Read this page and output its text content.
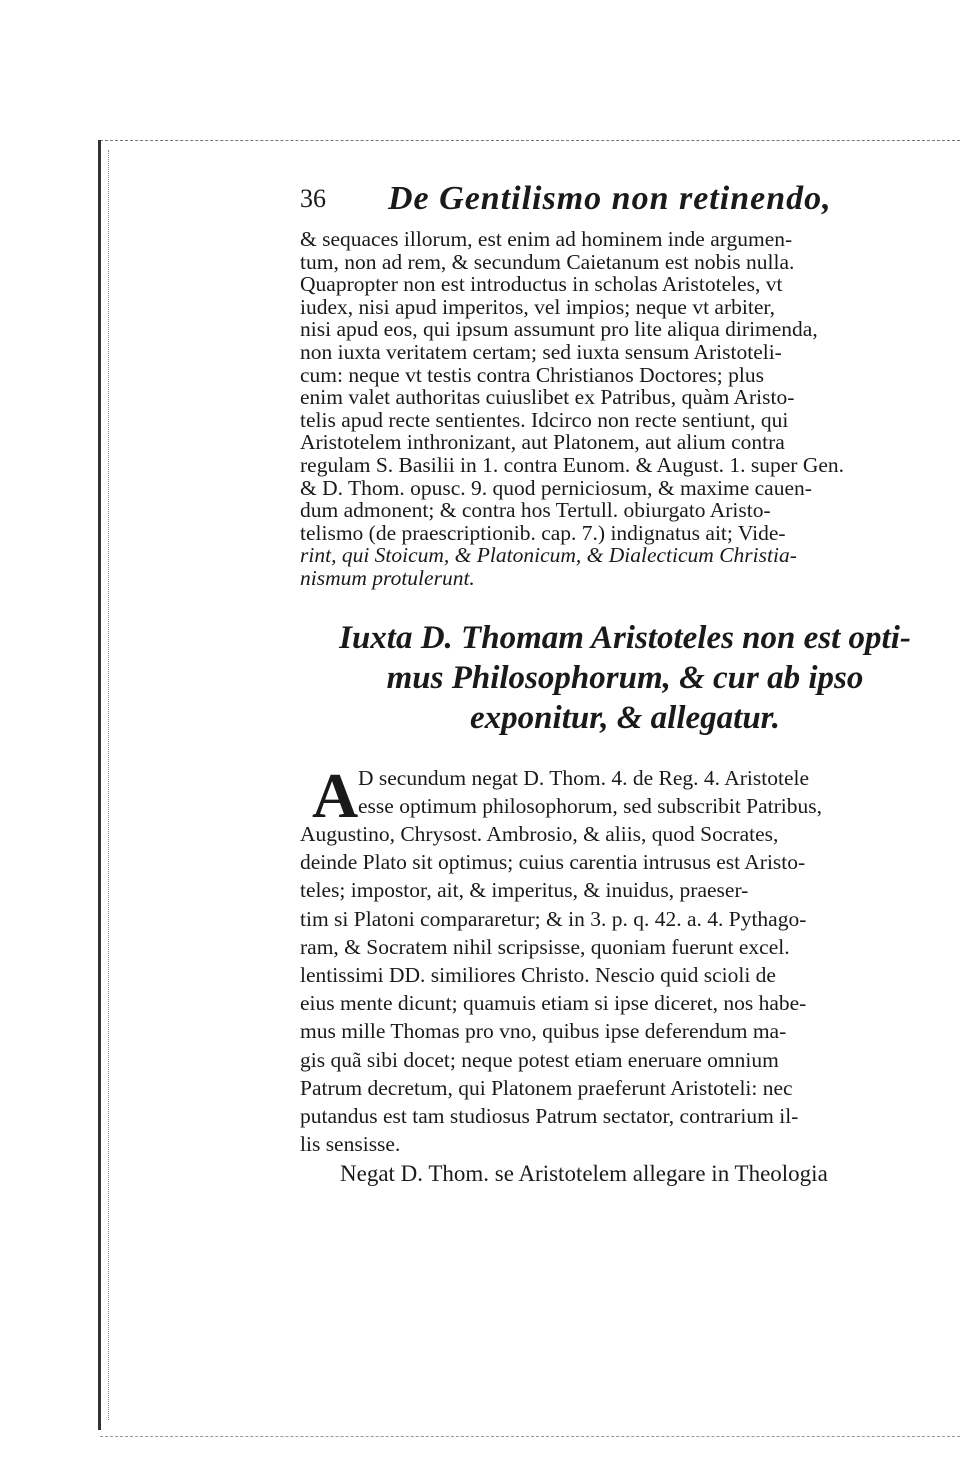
36 De Gentilismo non retinendo,

& sequaces illorum, est enim ad hominem inde argumen-

tum, non ad rem, & secundum Caietanum est nobis nulla.

Quapropter non est introductus in scholas Aristoteles, vt

iudex, nisi apud imperitos, vel impios; neque vt arbiter,

nisi apud eos, qui ipsum assumunt pro lite aliqua dirimenda,

non iuxta veritatem certam; sed iuxta sensum Aristoteli-

cum: neque vt testis contra Christianos Doctores; plus

enim valet authoritas cuiuslibet ex Patribus, quàm Aristo-

telis apud recte sentientes. Idcirco non recte sentiunt, qui

Aristotelem inthronizant, aut Platonem, aut alium contra

regulam S. Basilii in 1. contra Eunom. & August. 1. super Gen.

& D. Thom. opusc. 9. quod perniciosum, & maxime cauen-

dum admonent; & contra hos Tertull. obiurgato Aristo-

telismo (de praescriptionib. cap. 7.) indignatus ait; Vide-

rint, qui Stoicum, & Platonicum, & Dialecticum Christia-

nismum protulerunt.

Iuxta D. Thomam Aristoteles non est opti-

mus Philosophorum, & cur ab ipso

exponitur, & allegatur.

A D secundum negat D. Thom. 4. de Reg. 4. Aristotele

esse optimum philosophorum, sed subscribit Patribus,

Augustino, Chrysost. Ambrosio, & aliis, quod Socrates,

deinde Plato sit optimus; cuius carentia intrusus est Aristo-

teles; impostor, ait, & imperitus, & inuidus, praeser-

tim si Platoni compararetur; & in 3. p. q. 42. a. 4. Pythago-

ram, & Socratem nihil scripsisse, quoniam fuerunt excel.

lentissimi DD. similiores Christo. Nescio quid scioli de

eius mente dicunt; quamuis etiam si ipse diceret, nos habe-

mus mille Thomas pro vno, quibus ipse deferendum ma-

gis quã sibi docet; neque potest etiam eneruare omnium

Patrum decretum, qui Platonem praeferunt Aristoteli: nec

putandus est tam studiosus Patrum sectator, contrarium il-

lis sensisse.

Negat D. Thom. se Aristotelem allegare in Theologia
